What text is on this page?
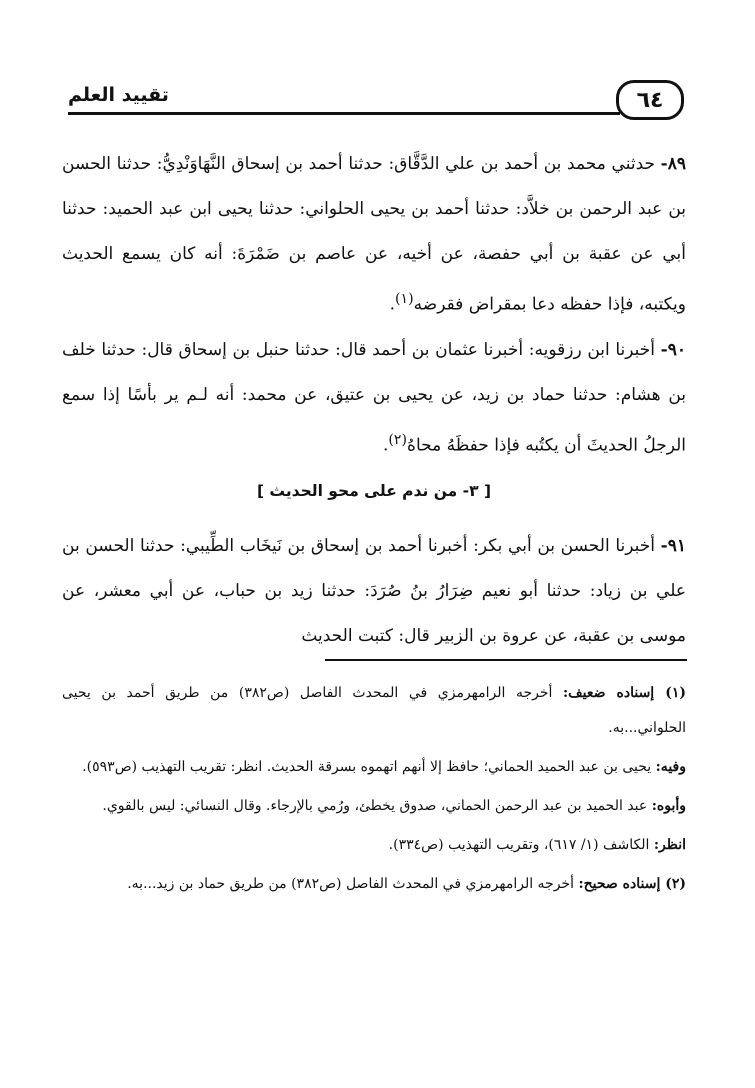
٦٤
تقييد العلم

٨٩- حدثني محمد بن أحمد بن علي الدَّقَّاق: حدثنا أحمد بن إسحاق النَّهَاوَنْدِيُّ: حدثنا الحسن بن عبد الرحمن بن خلاَّد: حدثنا أحمد بن يحيى الحلواني: حدثنا يحيى ابن عبد الحميد: حدثنا أبي عن عقبة بن أبي حفصة، عن أخيه، عن عاصم بن ضَمْرَةَ: أنه كان يسمع الحديث ويكتبه، فإذا حفظه دعا بمقراض فقرضه$^{(١)}$.

٩٠- أخبرنا ابن رزقويه: أخبرنا عثمان بن أحمد قال: حدثنا حنبل بن إسحاق قال: حدثنا خلف بن هشام: حدثنا حماد بن زيد، عن يحيى بن عتيق، عن محمد: أنه لـم ير بأسًا إذا سمع الرجلُ الحديثَ أن يكتُبه فإذا حفظَهُ محاهُ$^{(٢)}$.

[ ٣- من ندم على محو الحديث ]

٩١- أخبرنا الحسن بن أبي بكر: أخبرنا أحمد بن إسحاق بن نَيخَاب الطِّيبي: حدثنا الحسن بن علي بن زياد: حدثنا أبو نعيم ضِرَارُ بنُ صُرَدَ: حدثنا زيد بن حباب، عن أبي معشر، عن موسى بن عقبة، عن عروة بن الزبير قال: كتبت الحديث

(١) إسناده ضعيف: أخرجه الرامهرمزي في المحدث الفاصل (ص٣٨٢) من طريق أحمد بن يحيى الحلواني...به.

وفيه: يحيى بن عبد الحميد الحماني؛ حافظ إلا أنهم اتهموه بسرقة الحديث. انظر: تقريب التهذيب (ص٥٩٣).

وأبوه: عبد الحميد بن عبد الرحمن الحماني، صدوق يخطئ، ورُمي بالإرجاء. وقال النسائي: ليس بالقوي.

انظر: الكاشف (١/ ٦١٧)، وتقريب التهذيب (ص٣٣٤).

(٢) إسناده صحيح: أخرجه الرامهرمزي في المحدث الفاصل (ص٣٨٢) من طريق حماد بن زيد...به.
